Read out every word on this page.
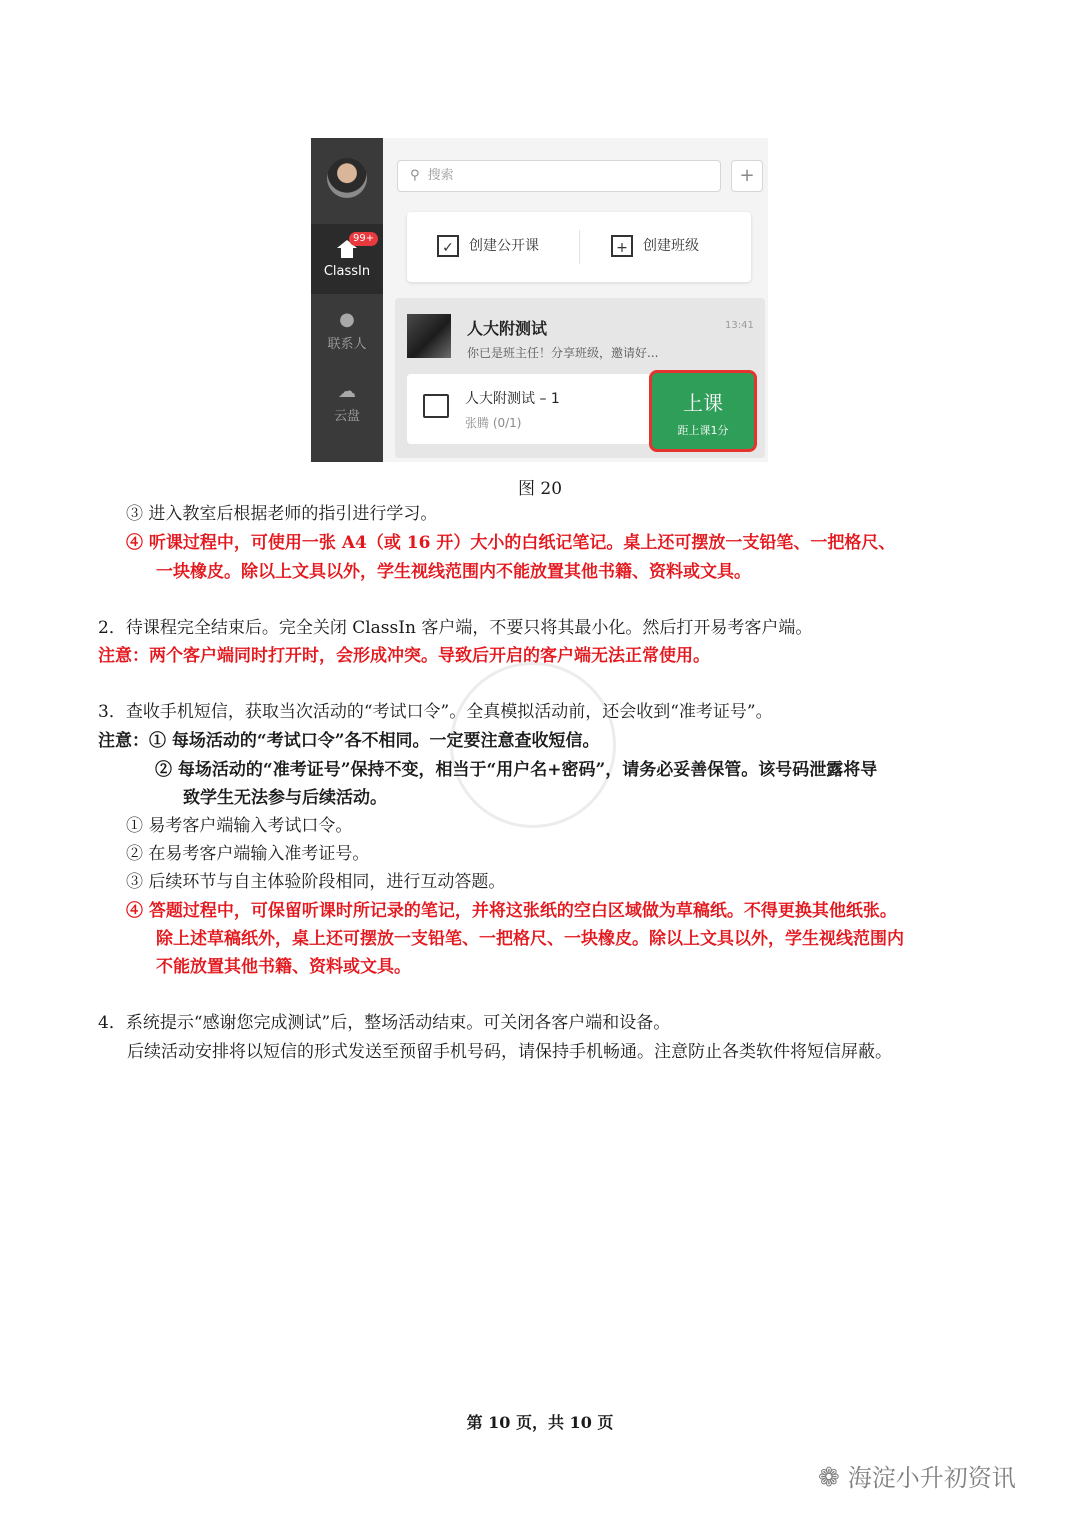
99+
ClassIn
●
联系人
☁
云盘
⚲ 搜索	+
✓ 创建公开课	+ 创建班级
人大附测试	13:41
你已是班主任！分享班级，邀请好...
人大附测试 – 1
张腾 (0/1)
上课
距上课1分
图 20
③ 进入教室后根据老师的指引进行学习。
④ 听课过程中，可使用一张 A4（或 16 开）大小的白纸记笔记。桌上还可摆放一支铅笔、一把格尺、
一块橡皮。除以上文具以外，学生视线范围内不能放置其他书籍、资料或文具。
2．待课程完全结束后。完全关闭 ClassIn 客户端，不要只将其最小化。然后打开易考客户端。
注意：两个客户端同时打开时，会形成冲突。导致后开启的客户端无法正常使用。
3．查收手机短信，获取当次活动的“考试口令”。全真模拟活动前，还会收到“准考证号”。
注意：① 每场活动的“考试口令”各不相同。一定要注意查收短信。
② 每场活动的“准考证号”保持不变，相当于“用户名+密码”，请务必妥善保管。该号码泄露将导
致学生无法参与后续活动。
① 易考客户端输入考试口令。
② 在易考客户端输入准考证号。
③ 后续环节与自主体验阶段相同，进行互动答题。
④ 答题过程中，可保留听课时所记录的笔记，并将这张纸的空白区域做为草稿纸。不得更换其他纸张。
除上述草稿纸外，桌上还可摆放一支铅笔、一把格尺、一块橡皮。除以上文具以外，学生视线范围内
不能放置其他书籍、资料或文具。
4．系统提示“感谢您完成测试”后，整场活动结束。可关闭各客户端和设备。
后续活动安排将以短信的形式发送至预留手机号码，请保持手机畅通。注意防止各类软件将短信屏蔽。
第 10 页，共 10 页
❁ 海淀小升初资讯
